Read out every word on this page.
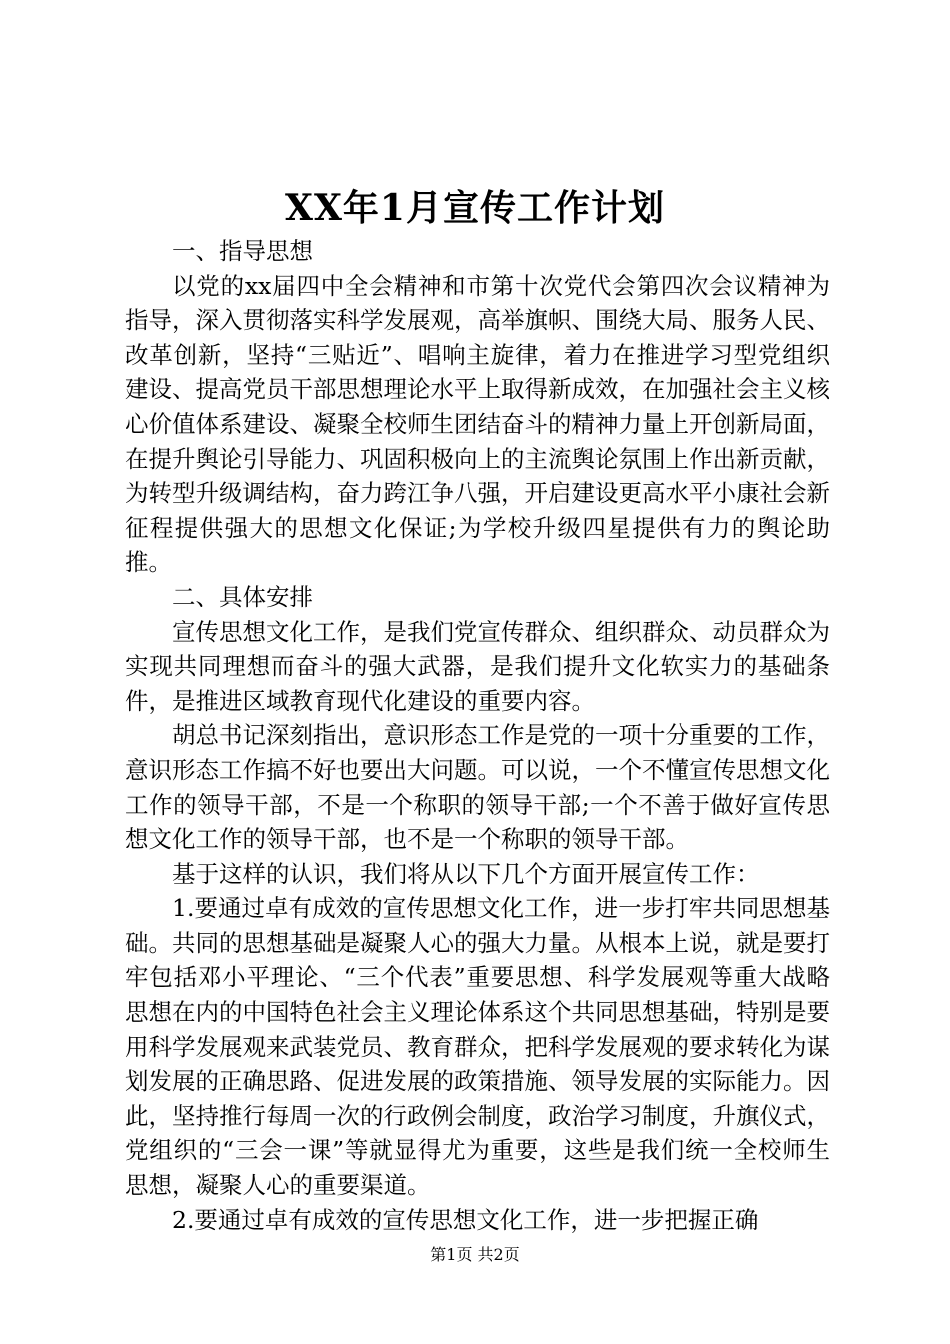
XX年1月宣传工作计划

一、指导思想

以党的xx届四中全会精神和市第十次党代会第四次会议精神为指导，深入贯彻落实科学发展观，高举旗帜、围绕大局、服务人民、改革创新，坚持“三贴近”、唱响主旋律，着力在推进学习型党组织建设、提高党员干部思想理论水平上取得新成效，在加强社会主义核心价值体系建设、凝聚全校师生团结奋斗的精神力量上开创新局面，在提升舆论引导能力、巩固积极向上的主流舆论氛围上作出新贡献，为转型升级调结构，奋力跨江争八强，开启建设更高水平小康社会新征程提供强大的思想文化保证;为学校升级四星提供有力的舆论助推。

二、具体安排

宣传思想文化工作，是我们党宣传群众、组织群众、动员群众为实现共同理想而奋斗的强大武器，是我们提升文化软实力的基础条件，是推进区域教育现代化建设的重要内容。

胡总书记深刻指出，意识形态工作是党的一项十分重要的工作，意识形态工作搞不好也要出大问题。可以说，一个不懂宣传思想文化工作的领导干部，不是一个称职的领导干部;一个不善于做好宣传思想文化工作的领导干部，也不是一个称职的领导干部。

基于这样的认识，我们将从以下几个方面开展宣传工作：

1.要通过卓有成效的宣传思想文化工作，进一步打牢共同思想基础。共同的思想基础是凝聚人心的强大力量。从根本上说，就是要打牢包括邓小平理论、“三个代表”重要思想、科学发展观等重大战略思想在内的中国特色社会主义理论体系这个共同思想基础，特别是要用科学发展观来武装党员、教育群众，把科学发展观的要求转化为谋划发展的正确思路、促进发展的政策措施、领导发展的实际能力。因此，坚持推行每周一次的行政例会制度，政治学习制度，升旗仪式，党组织的“三会一课”等就显得尤为重要，这些是我们统一全校师生思想，凝聚人心的重要渠道。

2.要通过卓有成效的宣传思想文化工作，进一步把握正确

第1页 共2页
